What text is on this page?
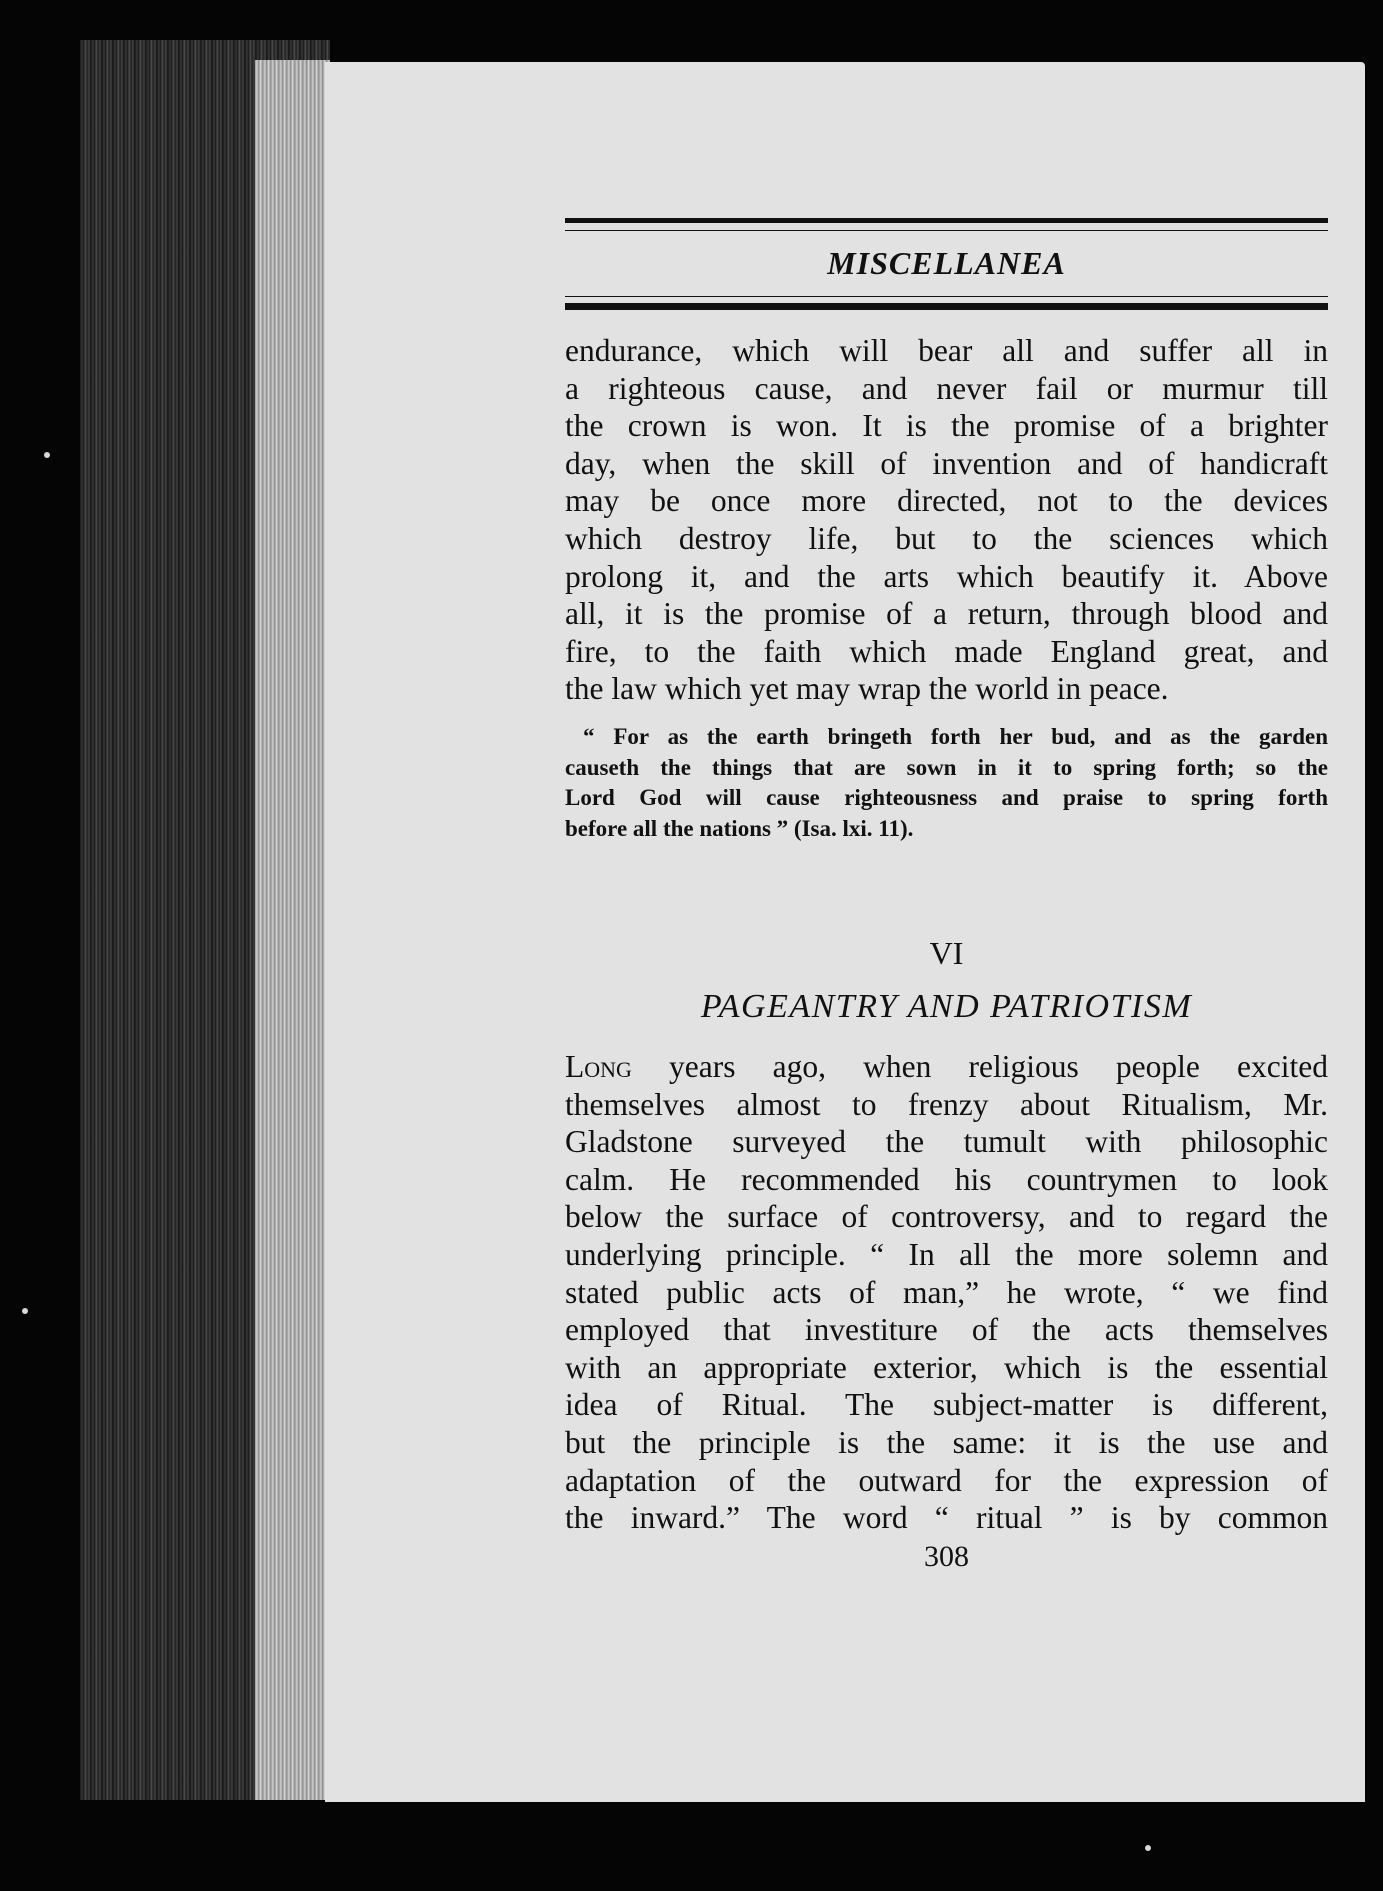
MISCELLANEA
endurance, which will bear all and suffer all in
a righteous cause, and never fail or murmur till
the crown is won. It is the promise of a brighter
day, when the skill of invention and of handicraft
may be once more directed, not to the devices
which destroy life, but to the sciences which
prolong it, and the arts which beautify it. Above
all, it is the promise of a return, through blood and
fire, to the faith which made England great, and
the law which yet may wrap the world in peace.
“ For as the earth bringeth forth her bud, and as the garden
causeth the things that are sown in it to spring forth; so the
Lord God will cause righteousness and praise to spring forth
before all the nations ” (Isa. lxi. 11).
VI
PAGEANTRY AND PATRIOTISM
Long years ago, when religious people excited
themselves almost to frenzy about Ritualism, Mr.
Gladstone surveyed the tumult with philosophic
calm. He recommended his countrymen to look
below the surface of controversy, and to regard the
underlying principle. “ In all the more solemn and
stated public acts of man,” he wrote, “ we find
employed that investiture of the acts themselves
with an appropriate exterior, which is the essential
idea of Ritual. The subject-matter is different,
but the principle is the same: it is the use and
adaptation of the outward for the expression of
the inward.” The word “ ritual ” is by common
308
